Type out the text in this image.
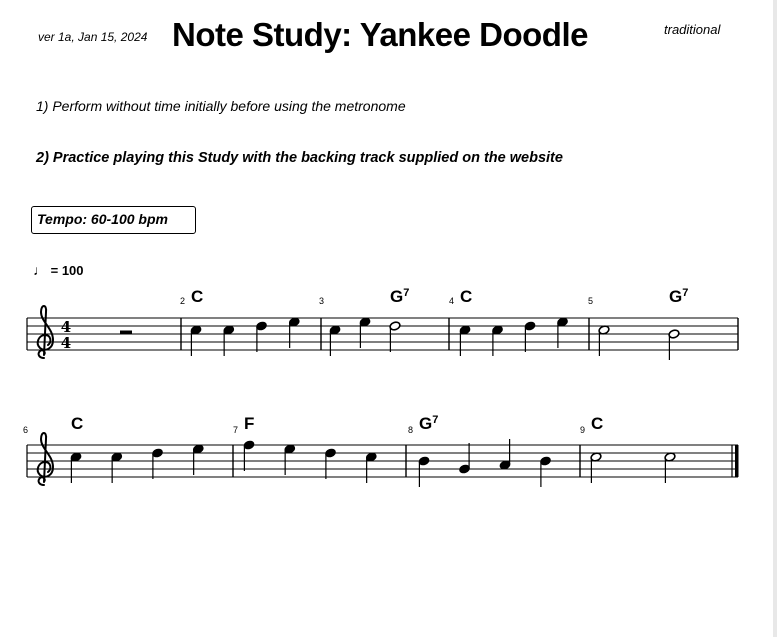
ver 1a, Jan 15, 2024 Note Study: Yankee Doodle	traditional
1) Perform without time initially before using the metronome
2) Practice playing this Study with the backing track supplied on the website
Tempo: 60-100 bpm
♩ = 100
4
4
2 C	3	$G^7$
4 C	5	$G^7$
6	C	7 F	8 $G^7$
9 C
